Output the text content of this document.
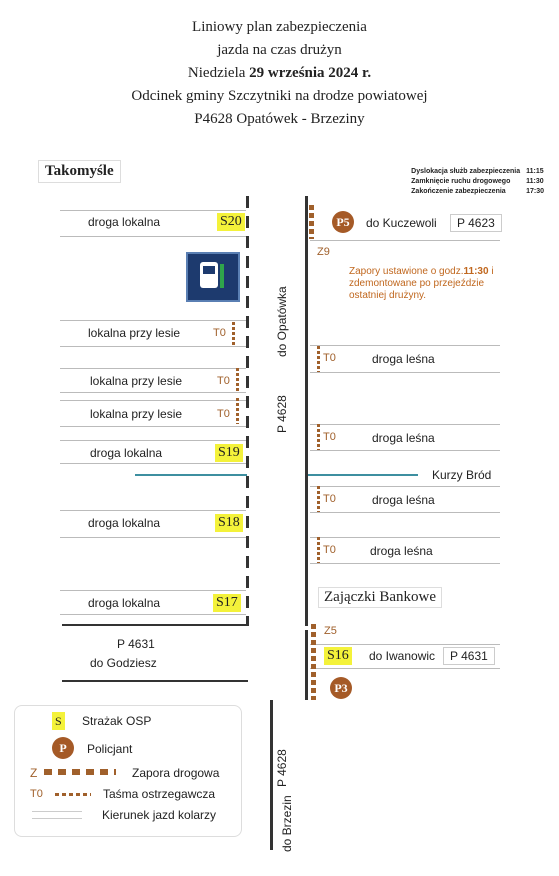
Liniowy plan zabezpieczenia
jazda na czas drużyn
Niedziela 29 września 2024 r.
Odcinek gminy Szczytniki na drodze powiatowej
P4628 Opatówek - Brzeziny
Takomyśle	Dyslokacja służb zabezpieczenia	11:15
Zamknięcie ruchu drogowego	11:30
Zakończenie zabezpieczenia	17:30
droga lokalna	S20
lokalna przy lesie	T0
lokalna przy lesie	T0
lokalna przy lesie	T0
droga lokalna	S19
droga lokalna	S18
droga lokalna	S17
P 4631
do Godziesz
do Opatówka
P 4628
P 4628
do Brzezin
P5	do Kuczewoli	P 4623
Z9
Zapory ustawione o godz.11:30 i zdemontowane po przejeździe ostatniej drużyny.
T0	droga leśna
T0	droga leśna
Kurzy Bród
T0	droga leśna
T0	droga leśna
Zajączki Bankowe
Z5
S16 do Iwanowic	P 4631
P3
S Strażak OSP
P	Policjant
Z	Zapora drogowa
T0	Taśma ostrzegawcza
Kierunek jazd kolarzy
